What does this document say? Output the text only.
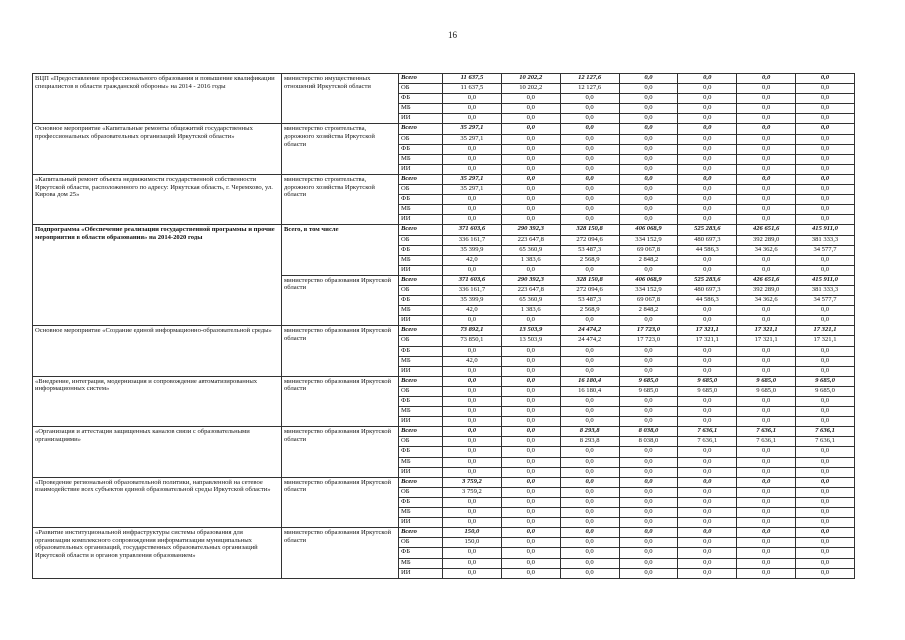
16
ВЦП «Предоставление профессионального образования и повышение квалификации специалистов в области гражданской обороны» на 2014 - 2016 годы	министерство имущественных отношений Иркутской области	Всего	11 637,5	10 202,2	12 127,6	0,0	0,0	0,0	0,0
		ОБ	11 637,5	10 202,2	12 127,6	0,0	0,0	0,0	0,0
		ФБ	0,0	0,0	0,0	0,0	0,0	0,0	0,0
		МБ	0,0	0,0	0,0	0,0	0,0	0,0	0,0
		ИИ	0,0	0,0	0,0	0,0	0,0	0,0	0,0
Основное мероприятие «Капитальные ремонты общежитий государственных профессиональных образовательных организаций Иркутской области»	министерство строительства, дорожного хозяйства Иркутской области	Всего	35 297,1	0,0	0,0	0,0	0,0	0,0	0,0
		ОБ	35 297,1	0,0	0,0	0,0	0,0	0,0	0,0
		ФБ	0,0	0,0	0,0	0,0	0,0	0,0	0,0
		МБ	0,0	0,0	0,0	0,0	0,0	0,0	0,0
		ИИ	0,0	0,0	0,0	0,0	0,0	0,0	0,0
«Капитальный ремонт объекта недвижимости государственной собственности Иркутской области, расположенного по адресу: Иркутская область, г. Черемхово, ул. Кирова дом 25»	министерство строительства, дорожного хозяйства Иркутской области	Всего	35 297,1	0,0	0,0	0,0	0,0	0,0	0,0
		ОБ	35 297,1	0,0	0,0	0,0	0,0	0,0	0,0
		ФБ	0,0	0,0	0,0	0,0	0,0	0,0	0,0
		МБ	0,0	0,0	0,0	0,0	0,0	0,0	0,0
		ИИ	0,0	0,0	0,0	0,0	0,0	0,0	0,0
Подпрограмма «Обеспечение реализации государственной программы и прочие мероприятия в области образования» на 2014-2020 годы	Всего, в том числе	Всего	371 603,6	290 392,3	328 150,8	406 068,9	525 283,6	426 651,6	415 911,0
		ОБ	336 161,7	223 647,8	272 094,6	334 152,9	480 697,3	392 289,0	381 333,3
		ФБ	35 399,9	65 360,9	53 487,3	69 067,8	44 586,3	34 362,6	34 577,7
		МБ	42,0	1 383,6	2 568,9	2 848,2	0,0	0,0	0,0
		ИИ	0,0	0,0	0,0	0,0	0,0	0,0	0,0
	министерство образования Иркутской области	Всего	371 603,6	290 392,3	328 150,8	406 068,9	525 283,6	426 651,6	415 911,0
		ОБ	336 161,7	223 647,8	272 094,6	334 152,9	480 697,3	392 289,0	381 333,3
		ФБ	35 399,9	65 360,9	53 487,3	69 067,8	44 586,3	34 362,6	34 577,7
		МБ	42,0	1 383,6	2 568,9	2 848,2	0,0	0,0	0,0
		ИИ	0,0	0,0	0,0	0,0	0,0	0,0	0,0
Основное мероприятие «Создание единой информационно-образовательной среды»	министерство образования Иркутской области	Всего	73 892,1	13 503,9	24 474,2	17 723,0	17 321,1	17 321,1	17 321,1
		ОБ	73 850,1	13 503,9	24 474,2	17 723,0	17 321,1	17 321,1	17 321,1
		ФБ	0,0	0,0	0,0	0,0	0,0	0,0	0,0
		МБ	42,0	0,0	0,0	0,0	0,0	0,0	0,0
		ИИ	0,0	0,0	0,0	0,0	0,0	0,0	0,0
«Внедрение, интеграция, модернизация и сопровождение автоматизированных информационных систем»	министерство образования Иркутской области	Всего	0,0	0,0	16 180,4	9 685,0	9 685,0	9 685,0	9 685,0
		ОБ	0,0	0,0	16 180,4	9 685,0	9 685,0	9 685,0	9 685,0
		ФБ	0,0	0,0	0,0	0,0	0,0	0,0	0,0
		МБ	0,0	0,0	0,0	0,0	0,0	0,0	0,0
		ИИ	0,0	0,0	0,0	0,0	0,0	0,0	0,0
«Организация и аттестация защищенных каналов связи с образовательными организациями»	министерство образования Иркутской области	Всего	0,0	0,0	8 293,8	8 038,0	7 636,1	7 636,1	7 636,1
		ОБ	0,0	0,0	8 293,8	8 038,0	7 636,1	7 636,1	7 636,1
		ФБ	0,0	0,0	0,0	0,0	0,0	0,0	0,0
		МБ	0,0	0,0	0,0	0,0	0,0	0,0	0,0
		ИИ	0,0	0,0	0,0	0,0	0,0	0,0	0,0
«Проведение региональной образовательной политики, направленной на сетевое взаимодействие всех субъектов единой образовательной среды Иркутской области»	министерство образования Иркутской области	Всего	3 759,2	0,0	0,0	0,0	0,0	0,0	0,0
		ОБ	3 759,2	0,0	0,0	0,0	0,0	0,0	0,0
		ФБ	0,0	0,0	0,0	0,0	0,0	0,0	0,0
		МБ	0,0	0,0	0,0	0,0	0,0	0,0	0,0
		ИИ	0,0	0,0	0,0	0,0	0,0	0,0	0,0
«Развитие институциональной инфраструктуры системы образования для организации комплексного сопровождения информатизации муниципальных образовательных организаций, государственных образовательных организаций Иркутской области и органов управления образованием»	министерство образования Иркутской области	Всего	150,0	0,0	0,0	0,0	0,0	0,0	0,0
		ОБ	150,0	0,0	0,0	0,0	0,0	0,0	0,0
		ФБ	0,0	0,0	0,0	0,0	0,0	0,0	0,0
		МБ	0,0	0,0	0,0	0,0	0,0	0,0	0,0
		ИИ	0,0	0,0	0,0	0,0	0,0	0,0	0,0
